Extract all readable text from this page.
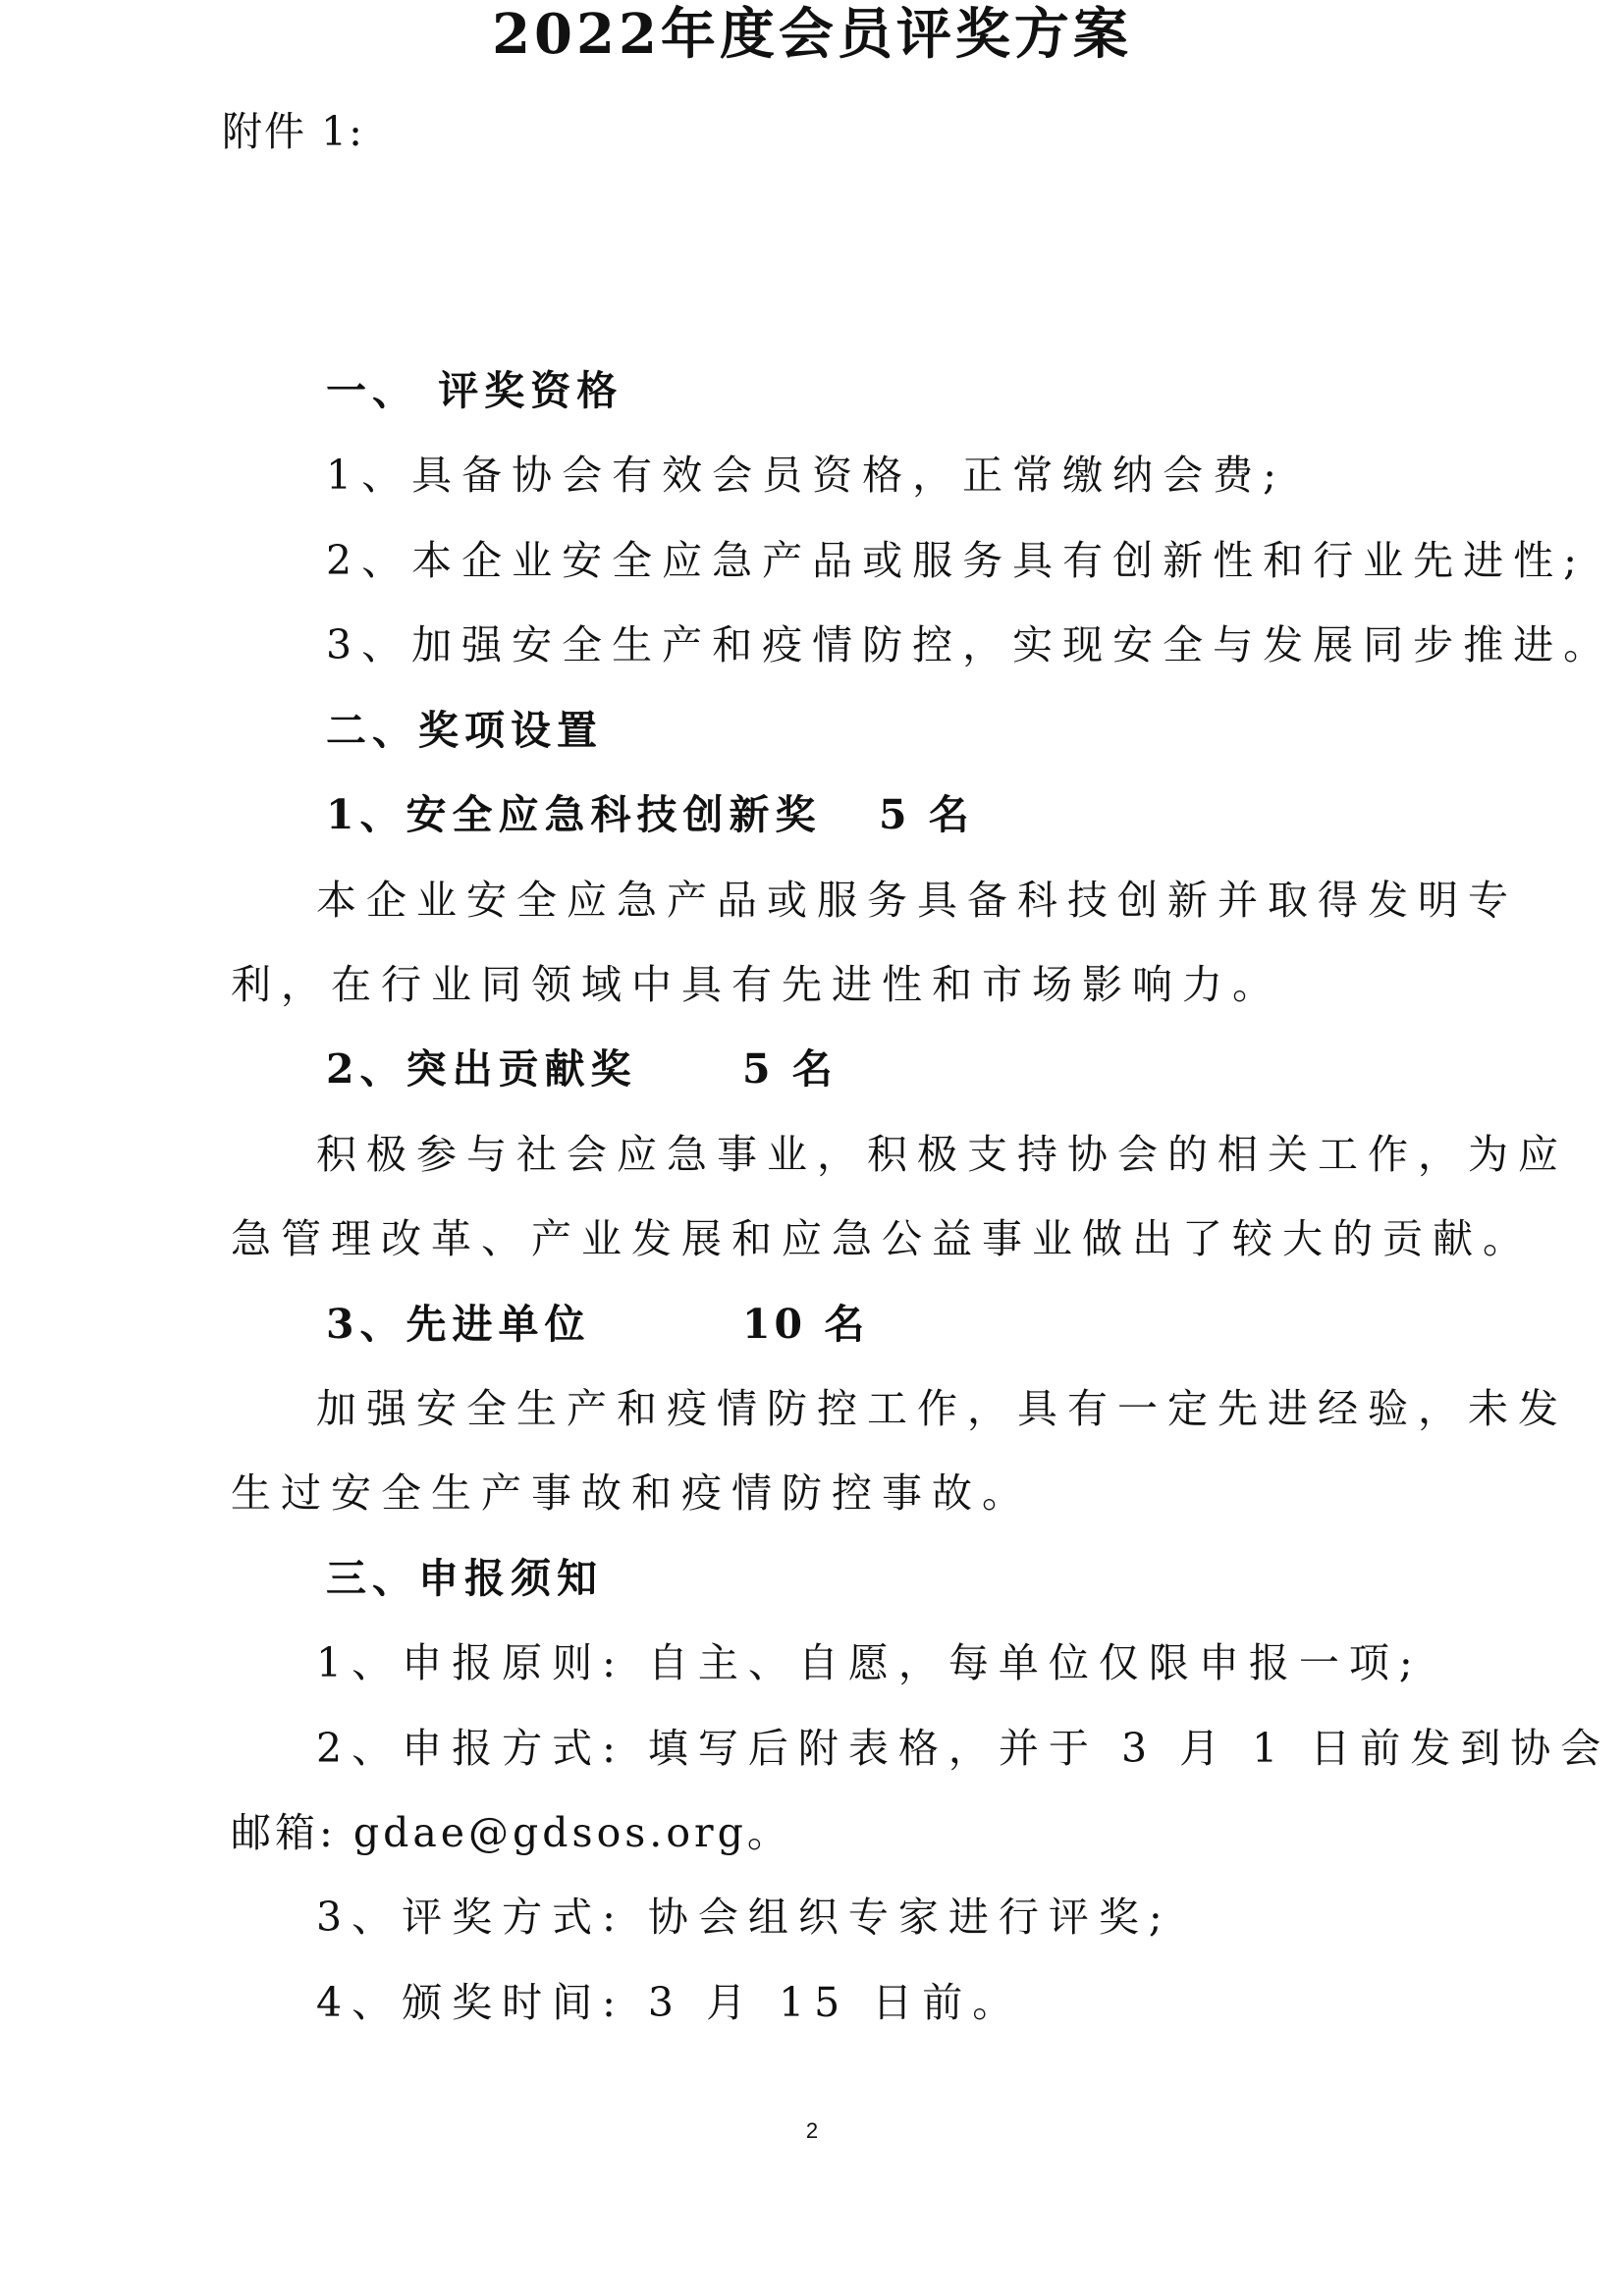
附件 1:
2022年度会员评奖方案
一、 评奖资格
1、具备协会有效会员资格，正常缴纳会费;
2、本企业安全应急产品或服务具有创新性和行业先进性;
3、加强安全生产和疫情防控，实现安全与发展同步推进。
二、奖项设置
1、安全应急科技创新奖 5 名
本企业安全应急产品或服务具备科技创新并取得发明专
利，在行业同领域中具有先进性和市场影响力。
2、突出贡献奖	5 名
积极参与社会应急事业，积极支持协会的相关工作，为应
急管理改革、产业发展和应急公益事业做出了较大的贡献。
3、先进单位	10 名
加强安全生产和疫情防控工作，具有一定先进经验，未发
生过安全生产事故和疫情防控事故。
三、申报须知
1、申报原则: 自主、自愿，每单位仅限申报一项;
2、申报方式: 填写后附表格，并于 3 月 1 日前发到协会
邮箱: gdae@gdsos.org。
3、评奖方式: 协会组织专家进行评奖;
4、颁奖时间: 3 月 15 日前。
2
